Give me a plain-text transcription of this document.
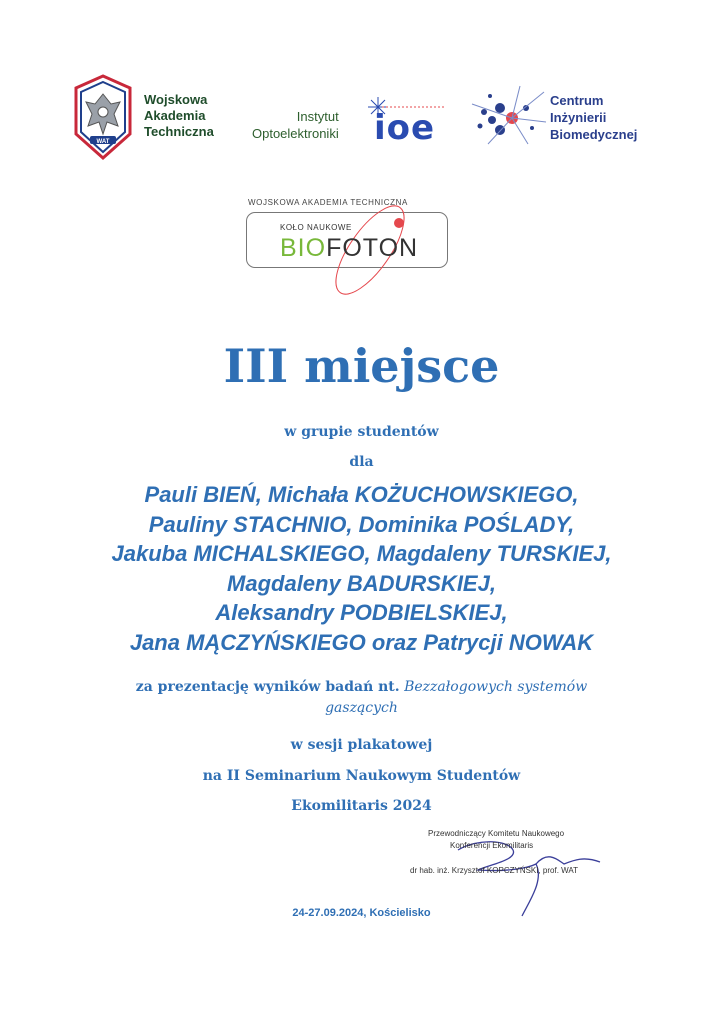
WAT
Wojskowa
Akademia
Techniczna
Instytut
Optoelektroniki ioe
Centrum
Inżynierii
Biomedycznej
WOJSKOWA AKADEMIA TECHNICZNA
KOŁO NAUKOWE
BIOFOTON
III miejsce
w grupie studentów
dla
Pauli BIEŃ, Michała KOŻUCHOWSKIEGO,
Pauliny STACHNIO, Dominika POŚLADY,
Jakuba MICHALSKIEGO, Magdaleny TURSKIEJ,
Magdaleny BADURSKIEJ,
Aleksandry PODBIELSKIEJ,
Jana MĄCZYŃSKIEGO oraz Patrycji NOWAK
za prezentację wyników badań nt. Bezzałogowych systemów
gaszących
w sesji plakatowej
na II Seminarium Naukowym Studentów
Ekomilitaris 2024
Przewodniczący Komitetu Naukowego
Konferencji Ekomilitaris
dr hab. inż. Krzysztof KOPCZYŃSKI, prof. WAT
24-27.09.2024, Kościelisko
